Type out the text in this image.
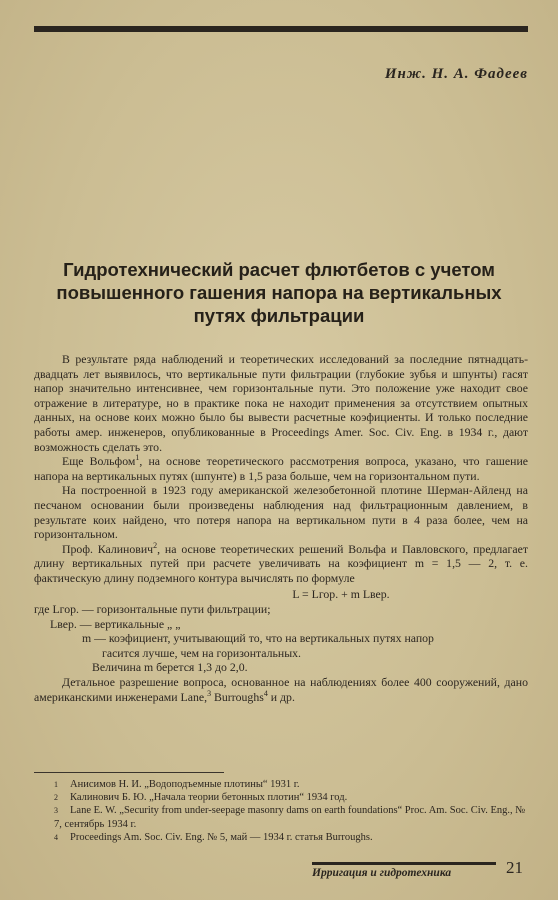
Инж. Н. А. Фадеев
Гидротехнический расчет флютбетов с учетом повышенного гашения напора на вертикальных путях фильтрации

В результате ряда наблюдений и теоретических исследований за последние пятнадцать-двадцать лет выявилось, что вертикальные пути фильтрации (глубокие зубья и шпунты) гасят напор значительно интенсивнее, чем горизонтальные пути. Это положение уже находит свое отражение в литературе, но в практике пока не находит применения за отсутствием опытных данных, на основе коих можно было бы вывести расчетные коэфициенты. И только последние работы амер. инженеров, опубликованные в Proceedings Amer. Soc. Civ. Eng. в 1934 г., дают возможность сделать это.

Еще Вольфом$^1$, на основе теоретического рассмотрения вопроса, указано, что гашение напора на вертикальных путях (шпунте) в 1,5 раза больше, чем на горизонтальном пути.

На построенной в 1923 году американской железобетонной плотине Шерман-Айленд на песчаном основании были произведены наблюдения над фильтрационным давлением, в результате коих найдено, что потеря напора на вертикальном пути в 4 раза более, чем на горизонтальном.

Проф. Калинович$^2$, на основе теоретических решений Вольфа и Павловского, предлагает длину вертикальных путей при расчете увеличивать на коэфициент m = 1,5 — 2, т. е. фактическую длину подземного контура вычислять по формуле

L = Lгор. + m Lвер.
где Lгор. — горизонтальные пути фильтрации;
Lвер. — вертикальные „ „
m — коэфициент, учитывающий то, что на вертикальных путях напор
гасится лучше, чем на горизонтальных.
Величина m берется 1,3 до 2,0.

Детальное разрешение вопроса, основанное на наблюдениях более 400 сооружений, дано американскими инженерами Lane,$^3$ Burroughs$^4$ и др.

1 Анисимов Н. И. „Водоподъемные плотины“ 1931 г.
2 Калинович Б. Ю. „Начала теории бетонных плотин“ 1934 год.
3 Lane E. W. „Security from under-seepage masonry dams on earth foundations“ Proc. Am. Soc. Civ. Eng., № 7, сентябрь 1934 г.
4 Proceedings Am. Soc. Civ. Eng. № 5, май — 1934 г. статья Burroughs.
Ирригация и гидротехника	21
